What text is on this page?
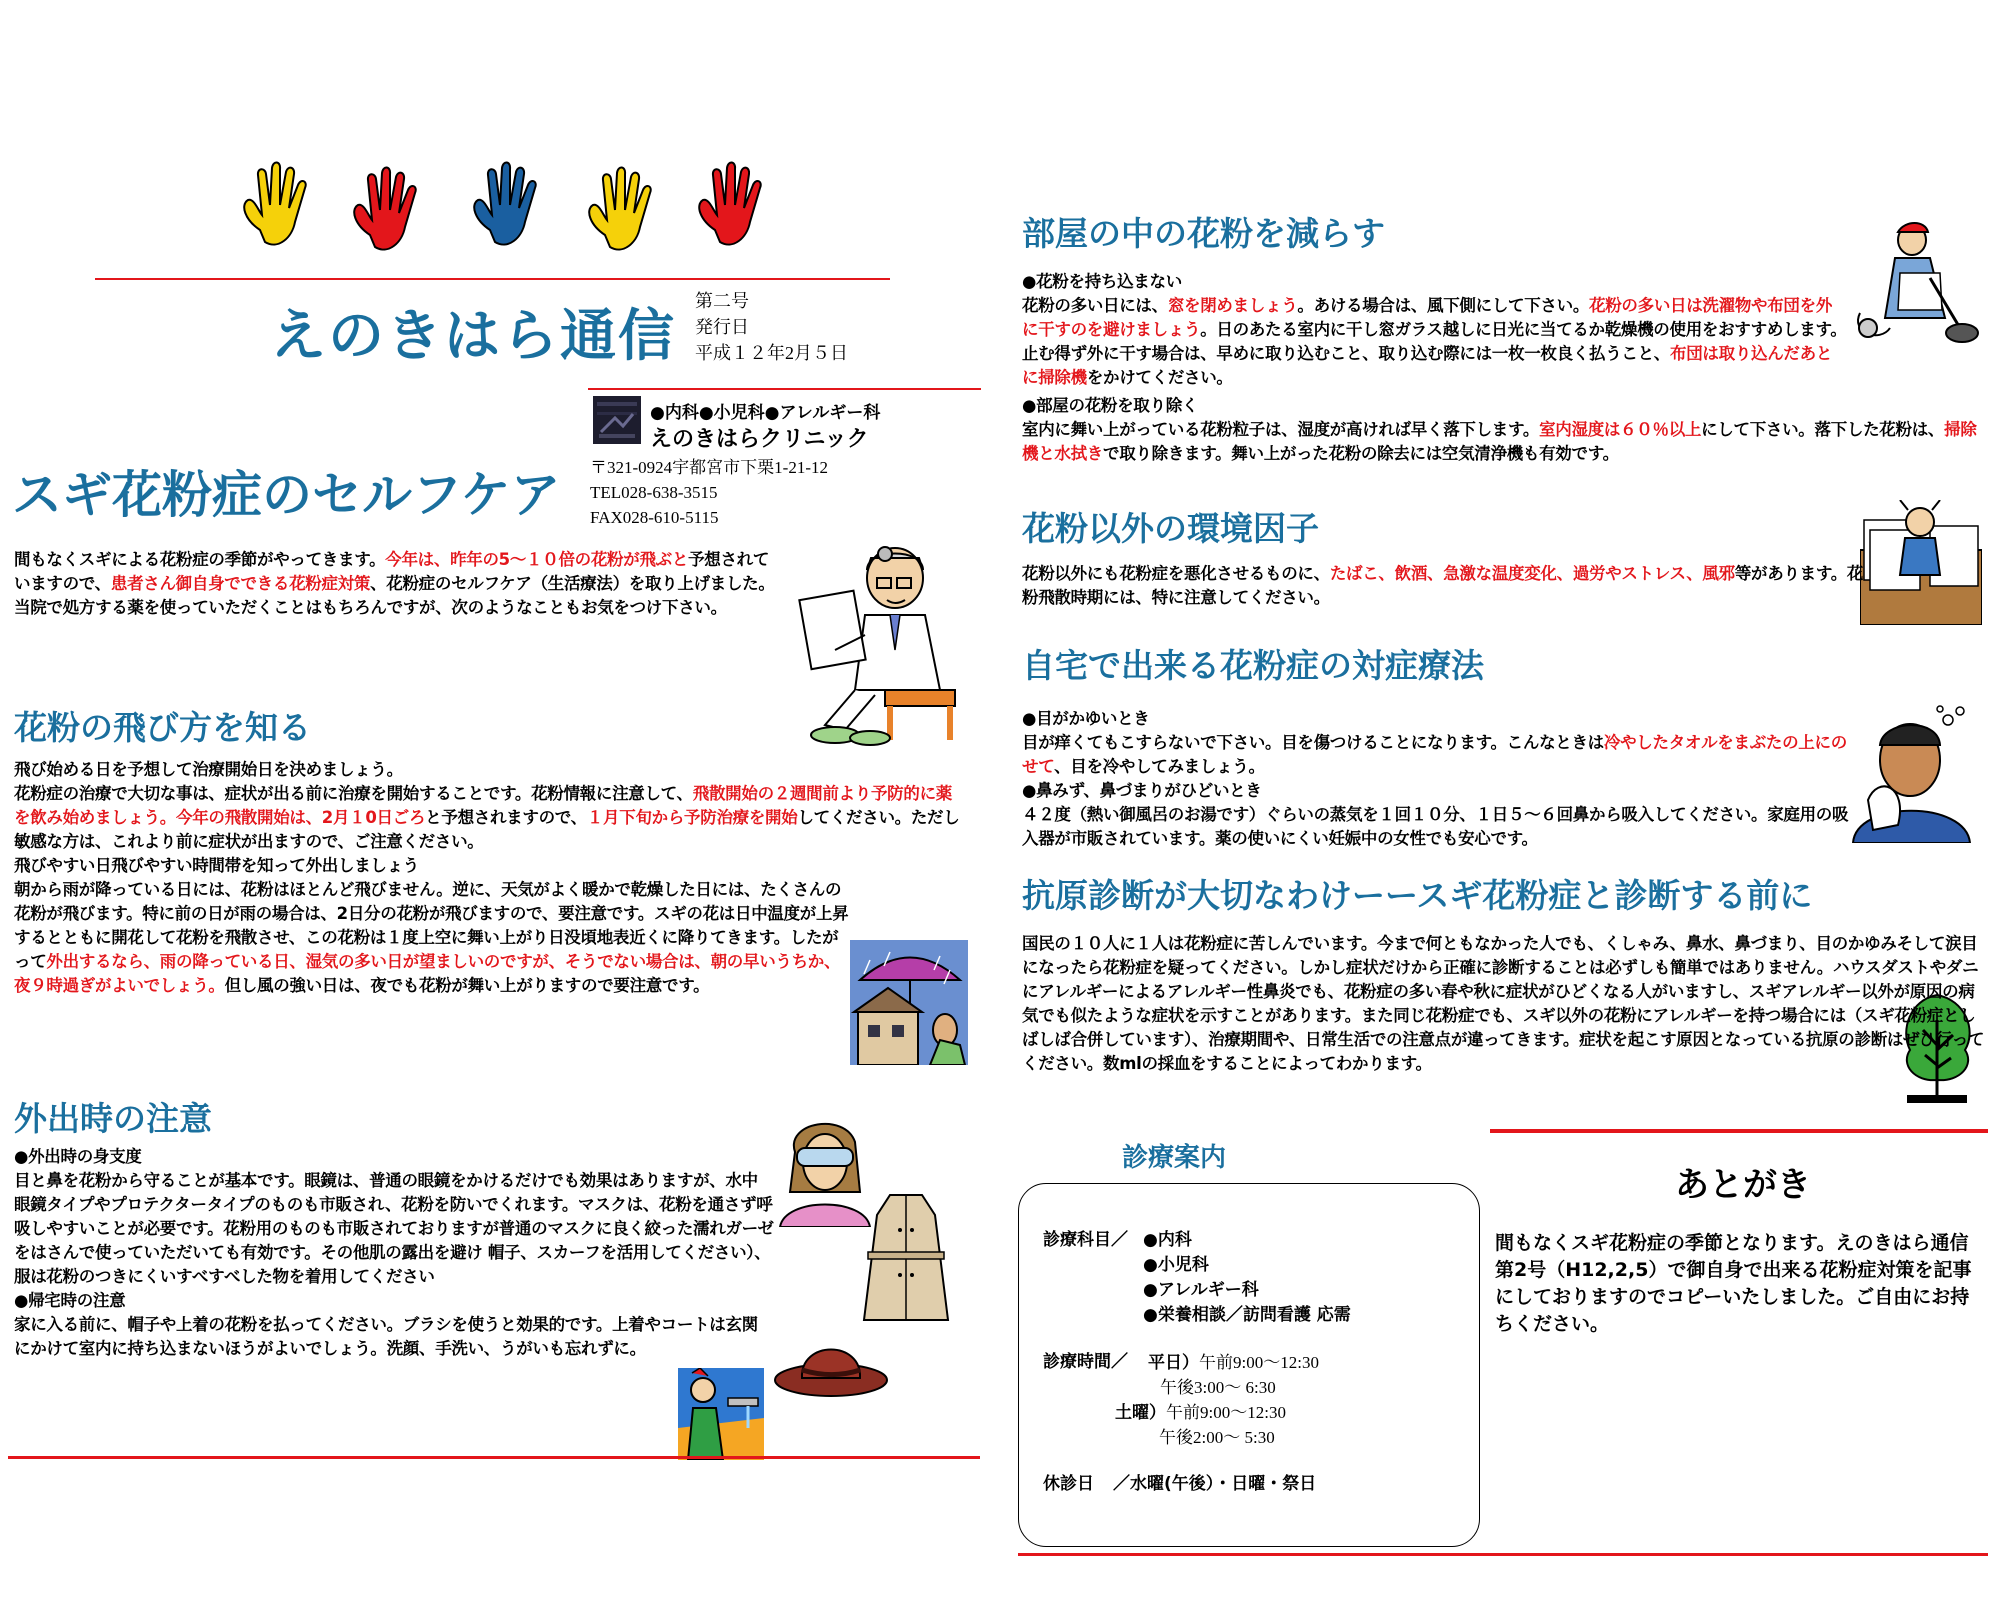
えのきはら通信
第二号
発行日
平成１２年2月５日
●内科●小児科●アレルギー科
えのきはらクリニック
〒321-0924宇都宮市下栗1-21-12
TEL028-638-3515
FAX028-610-5115
スギ花粉症のセルフケア

間もなくスギによる花粉症の季節がやってきます。今年は、昨年の5〜１０倍の花粉が飛ぶと予想されていますので、患者さん御自身でできる花粉症対策、花粉症のセルフケア（生活療法）を取り上げました。

当院で処方する薬を使っていただくことはもちろんですが、次のようなこともお気をつけ下さい。

花粉の飛び方を知る

飛び始める日を予想して治療開始日を決めましょう。

花粉症の治療で大切な事は、症状が出る前に治療を開始することです。花粉情報に注意して、飛散開始の２週間前より予防的に薬を飲み始めましょう。今年の飛散開始は、2月１0日ごろと予想されますので、１月下旬から予防治療を開始してください。ただし敏感な方は、これより前に症状が出ますので、ご注意ください。

飛びやすい日飛びやすい時間帯を知って外出しましょう

朝から雨が降っている日には、花粉はほとんど飛びません。逆に、天気がよく暖かで乾燥した日には、たくさんの花粉が飛びます。特に前の日が雨の場合は、2日分の花粉が飛びますので、要注意です。スギの花は日中温度が上昇するとともに開花して花粉を飛散させ、この花粉は１度上空に舞い上がり日没頃地表近くに降りてきます。したがって外出するなら、雨の降っている日、湿気の多い日が望ましいのですが、そうでない場合は、朝の早いうちか、夜９時過ぎがよいでしょう。但し風の強い日は、夜でも花粉が舞い上がりますので要注意です。

外出時の注意

●外出時の身支度

目と鼻を花粉から守ることが基本です。眼鏡は、普通の眼鏡をかけるだけでも効果はありますが、水中眼鏡タイプやプロテクタータイプのものも市販され、花粉を防いでくれます。マスクは、花粉を通さず呼吸しやすいことが必要です。花粉用のものも市販されておりますが普通のマスクに良く絞った濡れガーゼをはさんで使っていただいても有効です。その他肌の露出を避け 帽子、スカーフを活用してください）、服は花粉のつきにくいすべすべした物を着用してください

●帰宅時の注意

家に入る前に、帽子や上着の花粉を払ってください。ブラシを使うと効果的です。上着やコートは玄関にかけて室内に持ち込まないほうがよいでしょう。洗顔、手洗い、うがいも忘れずに。

部屋の中の花粉を減らす

●花粉を持ち込まない

花粉の多い日には、窓を閉めましょう。あける場合は、風下側にして下さい。花粉の多い日は洗濯物や布団を外に干すのを避けましょう。日のあたる室内に干し窓ガラス越しに日光に当てるか乾燥機の使用をおすすめします。止む得ず外に干す場合は、早めに取り込むこと、取り込む際には一枚一枚良く払うこと、布団は取り込んだあとに掃除機をかけてください。

●部屋の花粉を取り除く

室内に舞い上がっている花粉粒子は、湿度が高ければ早く落下します。室内湿度は６０％以上にして下さい。落下した花粉は、掃除機と水拭きで取り除きます。舞い上がった花粉の除去には空気清浄機も有効です。

花粉以外の環境因子

花粉以外にも花粉症を悪化させるものに、たばこ、飲酒、急激な温度変化、過労やストレス、風邪等があります。花粉飛散時期には、特に注意してください。

自宅で出来る花粉症の対症療法

●目がかゆいとき

目が痒くてもこすらないで下さい。目を傷つけることになります。こんなときは冷やしたタオルをまぶたの上にのせて、目を冷やしてみましょう。

●鼻みず、鼻づまりがひどいとき

４２度（熱い御風呂のお湯です）ぐらいの蒸気を１回１０分、１日５〜６回鼻から吸入してください。家庭用の吸入器が市販されています。薬の使いにくい妊娠中の女性でも安心です。

抗原診断が大切なわけーースギ花粉症と診断する前に

国民の１０人に１人は花粉症に苦しんでいます。今まで何ともなかった人でも、くしゃみ、鼻水、鼻づまり、目のかゆみそして涙目になったら花粉症を疑ってください。しかし症状だけから正確に診断することは必ずしも簡単ではありません。ハウスダストやダニにアレルギーによるアレルギー性鼻炎でも、花粉症の多い春や秋に症状がひどくなる人がいますし、スギアレルギー以外が原因の病気でも似たような症状を示すことがあります。また同じ花粉症でも、スギ以外の花粉にアレルギーを持つ場合には（スギ花粉症としばしば合併しています）、治療期間や、日常生活での注意点が違ってきます。症状を起こす原因となっている抗原の診断はぜひ行ってください。数mlの採血をすることによってわかります。

診療案内
診療科目／ ●内科
●小児科
●アレルギー科
●栄養相談／訪問看護 応需
診療時間／	平日）午前9:00〜12:30
午後3:00〜 6:30
土曜）午前9:00〜12:30
午後2:00〜 5:30
休診日	／水曜(午後）・日曜・祭日
あとがき
間もなくスギ花粉症の季節となります。えのきはら通信第2号（H12,2,5）で御自身で出来る花粉症対策を記事にしておりますのでコピーいたしました。ご自由にお持ちください。
